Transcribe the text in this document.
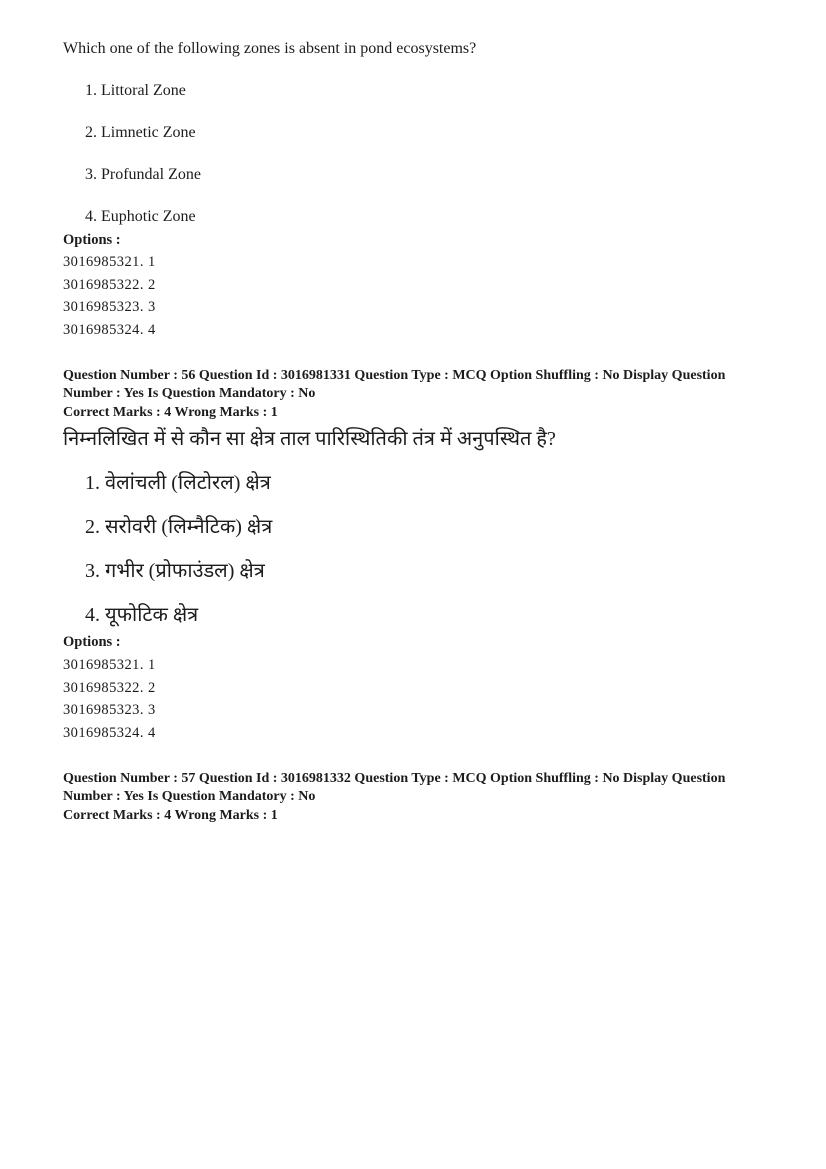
Which one of the following zones is absent in pond ecosystems?

1. Littoral Zone

2. Limnetic Zone

3. Profundal Zone

4. Euphotic Zone

Options :

3016985321. 1

3016985322. 2

3016985323. 3

3016985324. 4

Question Number : 56 Question Id : 3016981331 Question Type : MCQ Option Shuffling : No Display Question Number : Yes Is Question Mandatory : No

Correct Marks : 4 Wrong Marks : 1

निम्नलिखित में से कौन सा क्षेत्र ताल पारिस्थितिकी तंत्र में अनुपस्थित है?

1. वेलांचली (लिटोरल) क्षेत्र

2. सरोवरी (लिम्नैटिक) क्षेत्र

3. गभीर (प्रोफाउंडल) क्षेत्र

4. यूफोटिक क्षेत्र

Options :

3016985321. 1

3016985322. 2

3016985323. 3

3016985324. 4

Question Number : 57 Question Id : 3016981332 Question Type : MCQ Option Shuffling : No Display Question Number : Yes Is Question Mandatory : No

Correct Marks : 4 Wrong Marks : 1
